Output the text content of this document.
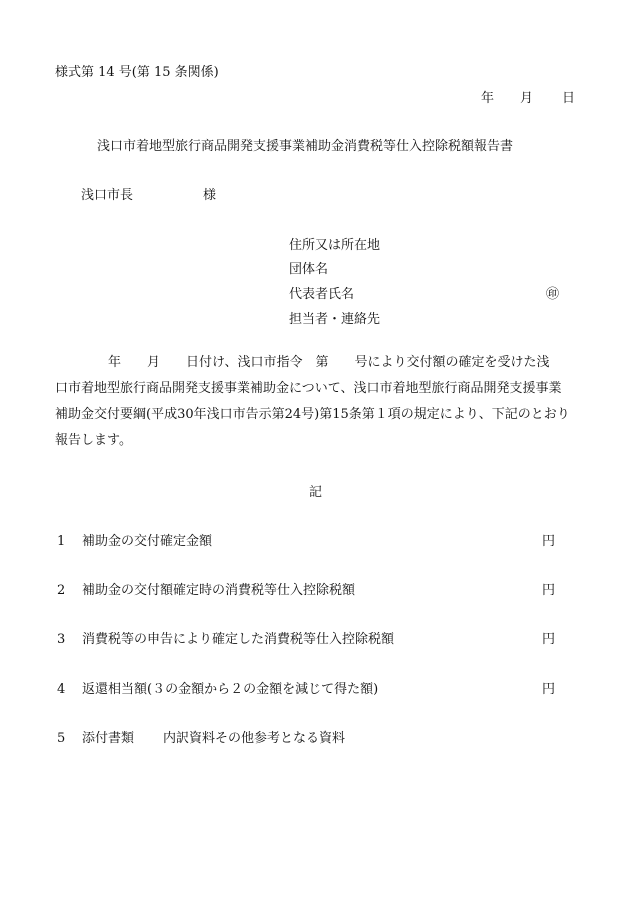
様式第 14 号(第 15 条関係)
年 月 日
浅口市着地型旅行商品開発支援事業補助金消費税等仕入控除税額報告書
浅口市長	様
住所又は所在地
団体名
代表者氏名	㊞
担当者・連絡先
　　年　　月　　日付け、浅口市指令　第　　号により交付額の確定を受けた浅
口市着地型旅行商品開発支援事業補助金について、浅口市着地型旅行商品開発支援事業
補助金交付要綱(平成30年浅口市告示第24号)第15条第１項の規定により、下記のとおり
報告します。
記
1 補助金の交付確定金額	円
2 補助金の交付額確定時の消費税等仕入控除税額	円
3 消費税等の申告により確定した消費税等仕入控除税額	円
4 返還相当額(３の金額から２の金額を減じて得た額)	円
5 添付書類 内訳資料その他参考となる資料
